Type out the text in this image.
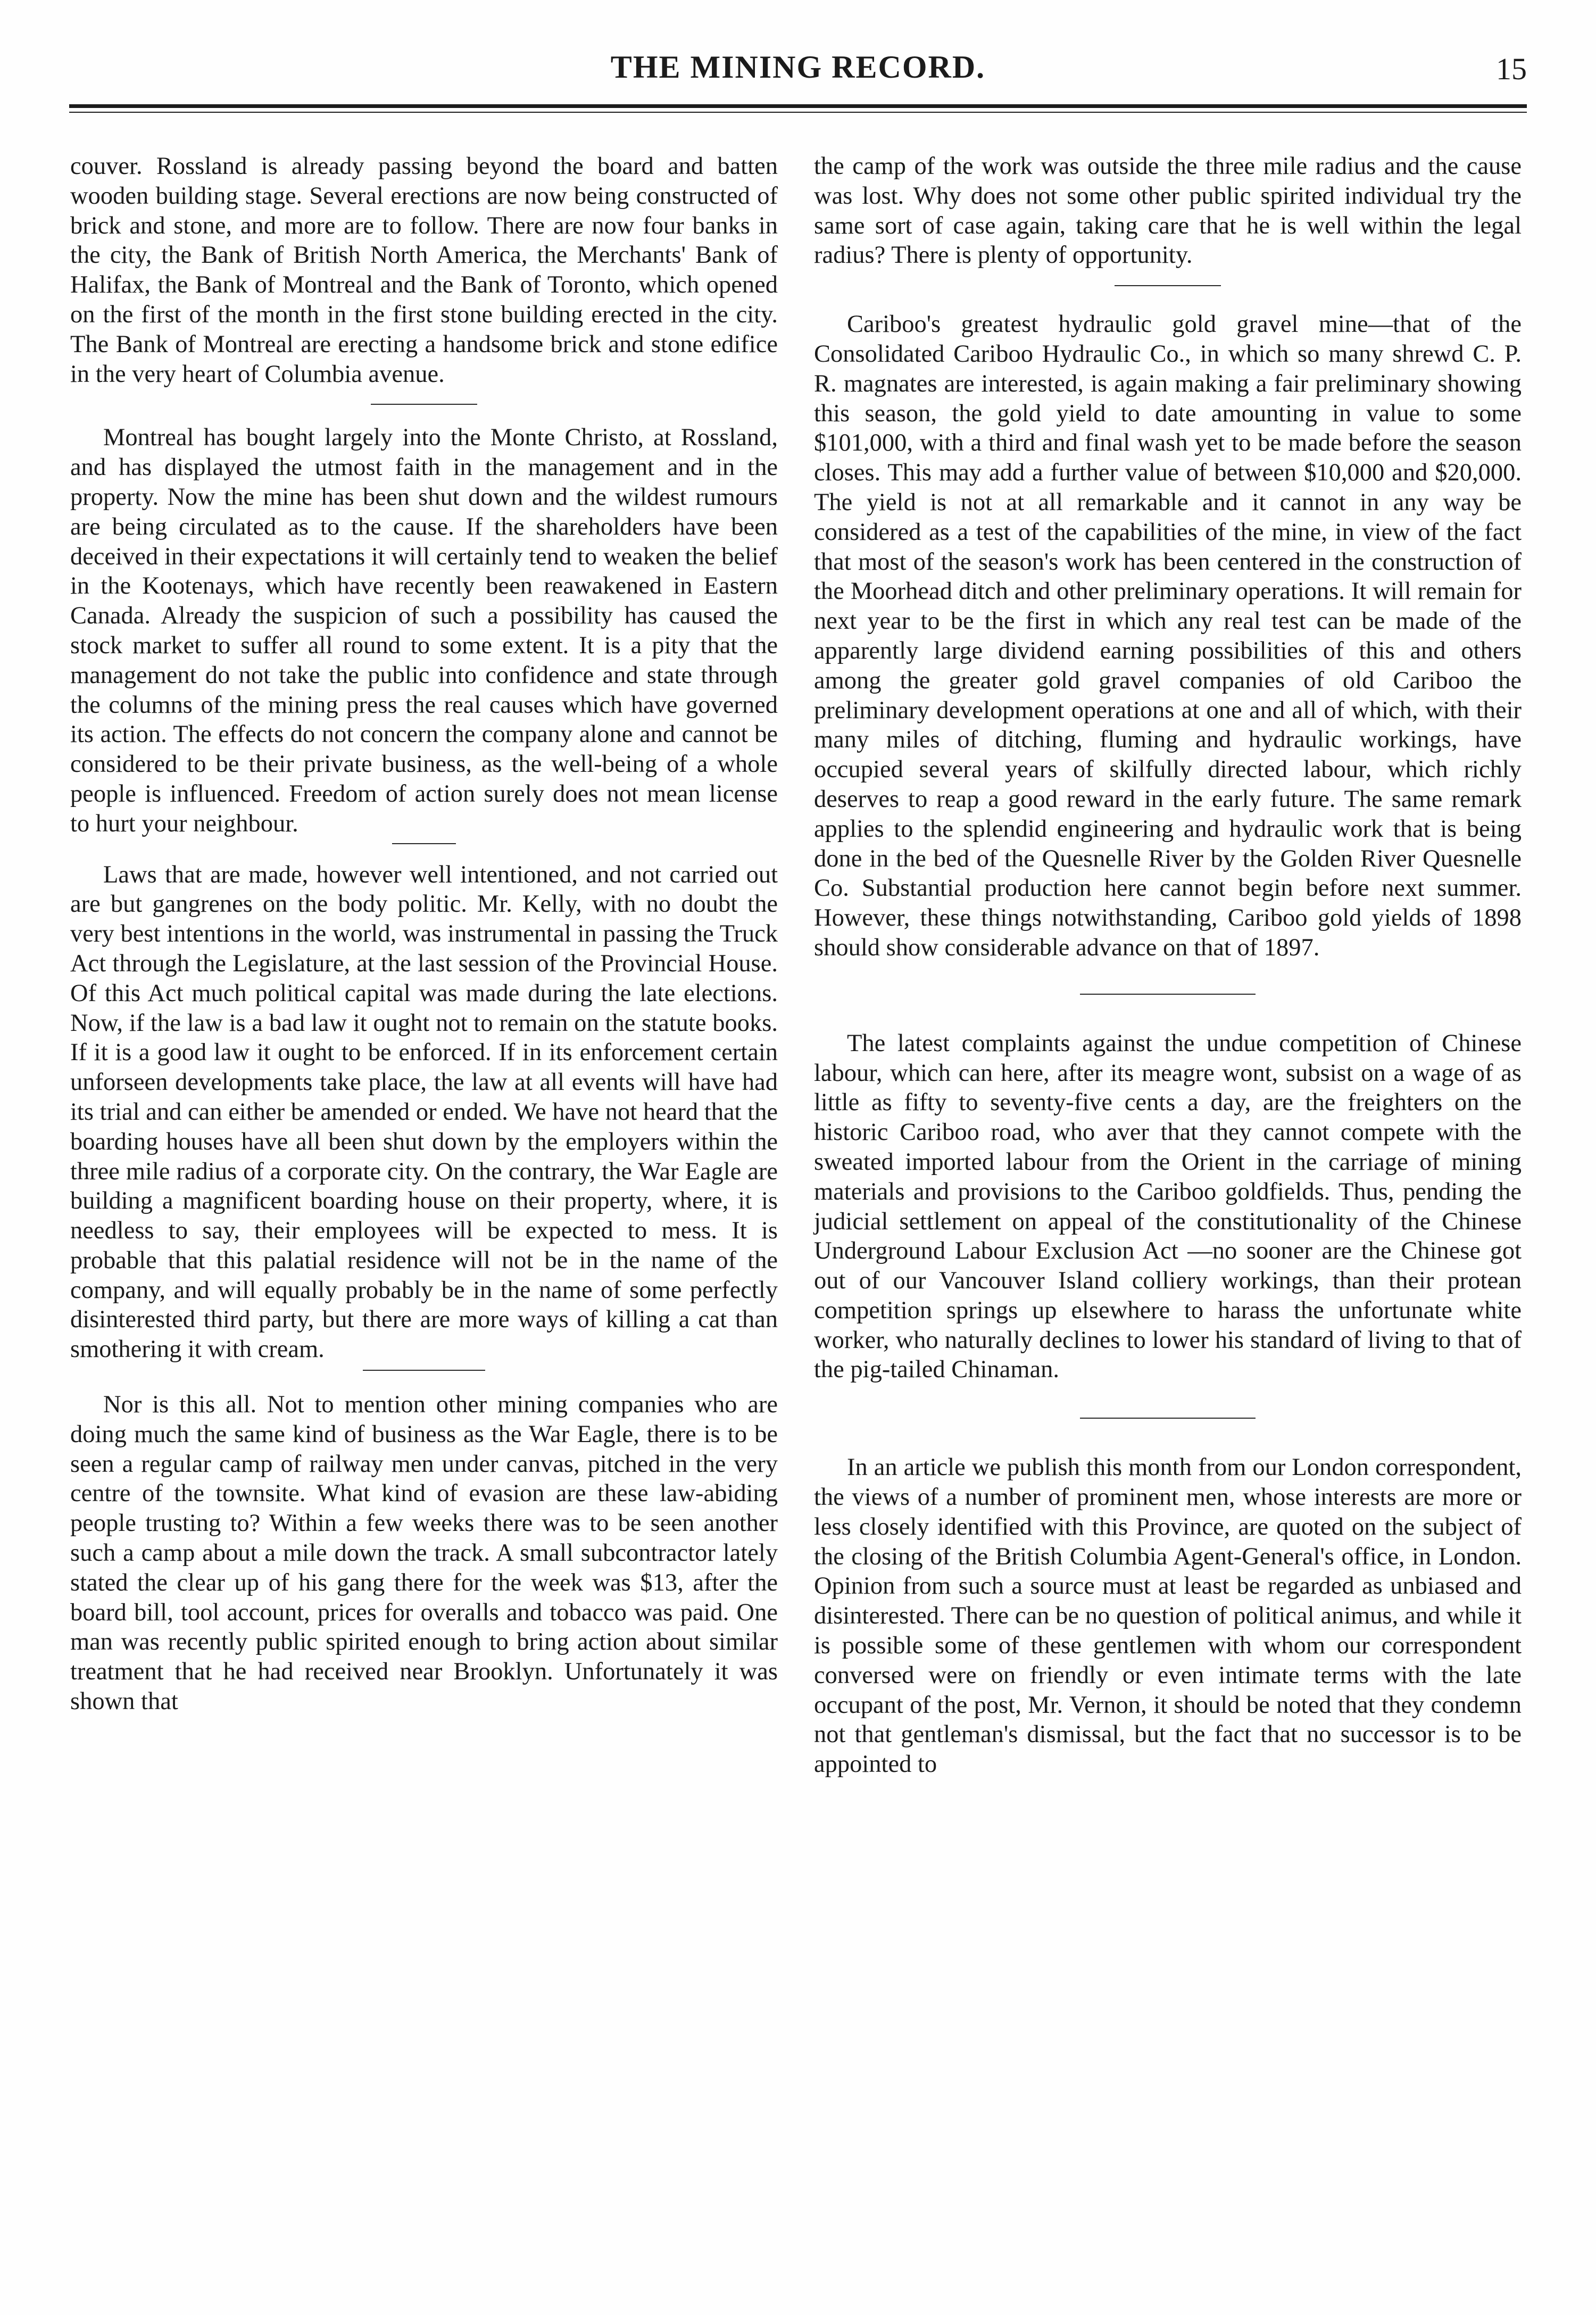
THE MINING RECORD.	15

couver. Rossland is already passing beyond the board and batten wooden building stage. Several erections are now being constructed of brick and stone, and more are to follow. There are now four banks in the city, the Bank of British North America, the Merchants' Bank of Halifax, the Bank of Montreal and the Bank of Toronto, which opened on the first of the month in the first stone building erected in the city. The Bank of Montreal are erecting a handsome brick and stone edifice in the very heart of Columbia avenue.

Montreal has bought largely into the Monte Christo, at Rossland, and has displayed the utmost faith in the management and in the property. Now the mine has been shut down and the wildest rumours are being circulated as to the cause. If the shareholders have been deceived in their expectations it will certainly tend to weaken the belief in the Kootenays, which have recently been reawakened in Eastern Canada. Already the suspicion of such a possibility has caused the stock market to suffer all round to some extent. It is a pity that the management do not take the public into confidence and state through the columns of the mining press the real causes which have governed its action. The effects do not concern the company alone and cannot be considered to be their private business, as the well-being of a whole people is influenced. Freedom of action surely does not mean license to hurt your neighbour.

Laws that are made, however well intentioned, and not carried out are but gangrenes on the body politic. Mr. Kelly, with no doubt the very best intentions in the world, was instrumental in passing the Truck Act through the Legislature, at the last session of the Provincial House. Of this Act much political capital was made during the late elections. Now, if the law is a bad law it ought not to remain on the statute books. If it is a good law it ought to be enforced. If in its enforcement certain unforseen developments take place, the law at all events will have had its trial and can either be amended or ended. We have not heard that the boarding houses have all been shut down by the employers within the three mile radius of a corporate city. On the contrary, the War Eagle are building a magnificent boarding house on their property, where, it is needless to say, their employees will be expected to mess. It is probable that this palatial residence will not be in the name of the company, and will equally probably be in the name of some perfectly disinterested third party, but there are more ways of killing a cat than smothering it with cream.

Nor is this all. Not to mention other mining companies who are doing much the same kind of business as the War Eagle, there is to be seen a regular camp of railway men under canvas, pitched in the very centre of the townsite. What kind of evasion are these law-abiding people trusting to? Within a few weeks there was to be seen another such a camp about a mile down the track. A small subcontractor lately stated the clear up of his gang there for the week was $13, after the board bill, tool account, prices for overalls and tobacco was paid. One man was recently public spirited enough to bring action about similar treatment that he had received near Brooklyn. Unfortunately it was shown that

the camp of the work was outside the three mile radius and the cause was lost. Why does not some other public spirited individual try the same sort of case again, taking care that he is well within the legal radius? There is plenty of opportunity.

Cariboo's greatest hydraulic gold gravel mine—that of the Consolidated Cariboo Hydraulic Co., in which so many shrewd C. P. R. magnates are interested, is again making a fair preliminary showing this season, the gold yield to date amounting in value to some $101,000, with a third and final wash yet to be made before the season closes. This may add a further value of between $10,000 and $20,000. The yield is not at all remarkable and it cannot in any way be considered as a test of the capabilities of the mine, in view of the fact that most of the season's work has been centered in the construction of the Moorhead ditch and other preliminary operations. It will remain for next year to be the first in which any real test can be made of the apparently large dividend earning possibilities of this and others among the greater gold gravel companies of old Cariboo the preliminary development operations at one and all of which, with their many miles of ditching, fluming and hydraulic workings, have occupied several years of skilfully directed labour, which richly deserves to reap a good reward in the early future. The same remark applies to the splendid engineering and hydraulic work that is being done in the bed of the Quesnelle River by the Golden River Quesnelle Co. Substantial production here cannot begin before next summer. However, these things notwithstanding, Cariboo gold yields of 1898 should show considerable advance on that of 1897.

The latest complaints against the undue competition of Chinese labour, which can here, after its meagre wont, subsist on a wage of as little as fifty to seventy-five cents a day, are the freighters on the historic Cariboo road, who aver that they cannot compete with the sweated imported labour from the Orient in the carriage of mining materials and provisions to the Cariboo goldfields. Thus, pending the judicial settlement on appeal of the constitutionality of the Chinese Underground Labour Exclusion Act —no sooner are the Chinese got out of our Vancouver Island colliery workings, than their protean competition springs up elsewhere to harass the unfortunate white worker, who naturally declines to lower his standard of living to that of the pig-tailed Chinaman.

In an article we publish this month from our London correspondent, the views of a number of prominent men, whose interests are more or less closely identified with this Province, are quoted on the subject of the closing of the British Columbia Agent-General's office, in London. Opinion from such a source must at least be regarded as unbiased and disinterested. There can be no question of political animus, and while it is possible some of these gentlemen with whom our correspondent conversed were on friendly or even intimate terms with the late occupant of the post, Mr. Vernon, it should be noted that they condemn not that gentleman's dismissal, but the fact that no successor is to be appointed to
